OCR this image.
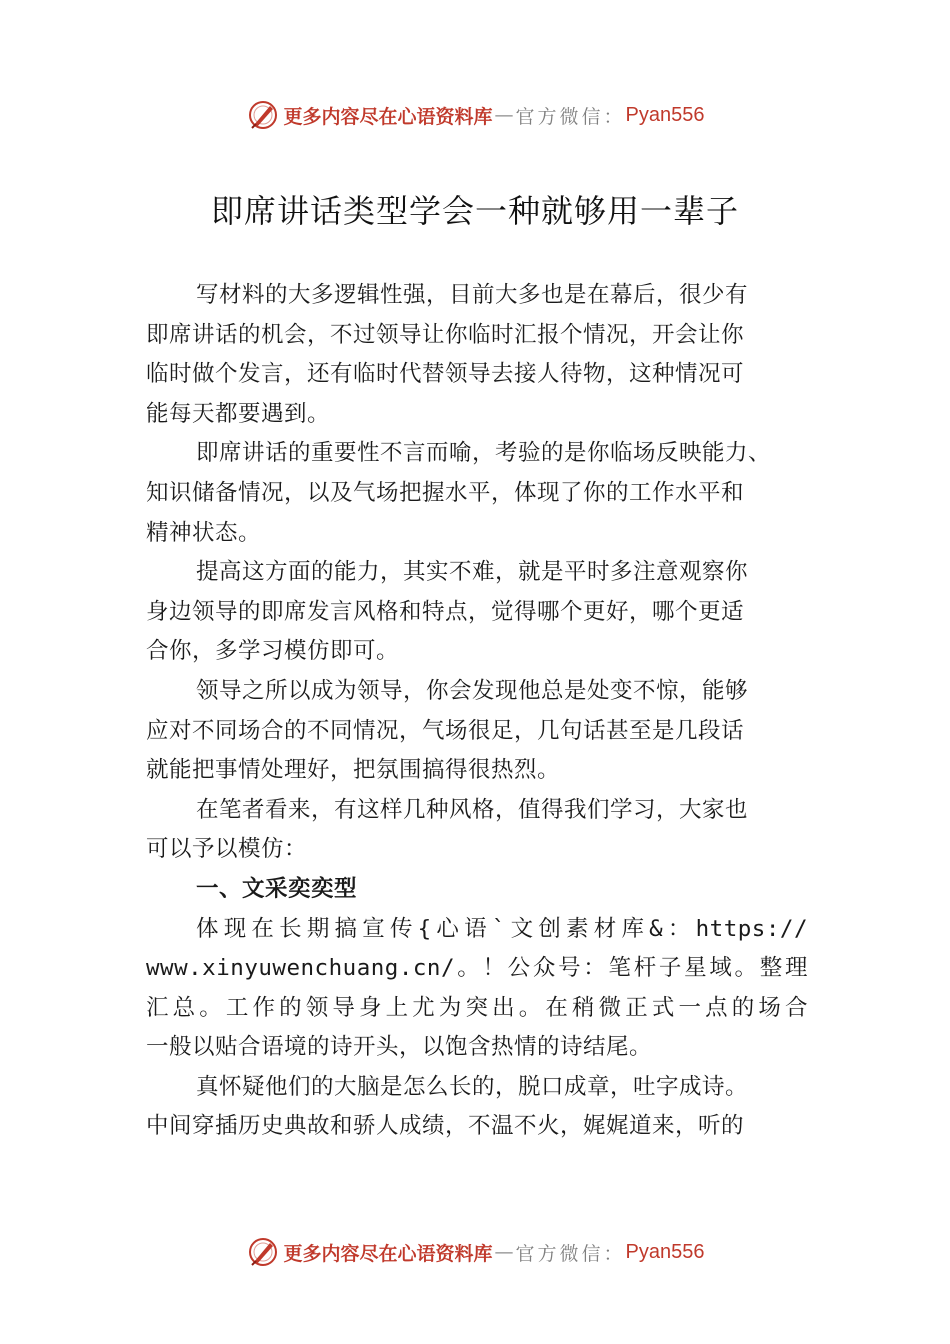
更多内容尽在心语资料库 — 官方微信： Pyan556
即席讲话类型学会一种就够用一辈子
写材料的大多逻辑性强，目前大多也是在幕后，很少有
即席讲话的机会，不过领导让你临时汇报个情况，开会让你
临时做个发言，还有临时代替领导去接人待物，这种情况可
能每天都要遇到。
即席讲话的重要性不言而喻，考验的是你临场反映能力、
知识储备情况，以及气场把握水平，体现了你的工作水平和
精神状态。
提高这方面的能力，其实不难，就是平时多注意观察你
身边领导的即席发言风格和特点，觉得哪个更好，哪个更适
合你，多学习模仿即可。
领导之所以成为领导，你会发现他总是处变不惊，能够
应对不同场合的不同情况，气场很足，几句话甚至是几段话
就能把事情处理好，把氛围搞得很热烈。
在笔者看来，有这样几种风格，值得我们学习，大家也
可以予以模仿：
一、文采奕奕型
体现在长期搞宣传{心语`文创素材库&：https://
www.xinyuwenchuang.cn/。！公众号：笔杆子星域。整理
汇总。工作的领导身上尤为突出。在稍微正式一点的场合
一般以贴合语境的诗开头，以饱含热情的诗结尾。
真怀疑他们的大脑是怎么长的，脱口成章，吐字成诗。
中间穿插历史典故和骄人成绩，不温不火，娓娓道来，听的
更多内容尽在心语资料库 — 官方微信： Pyan556
